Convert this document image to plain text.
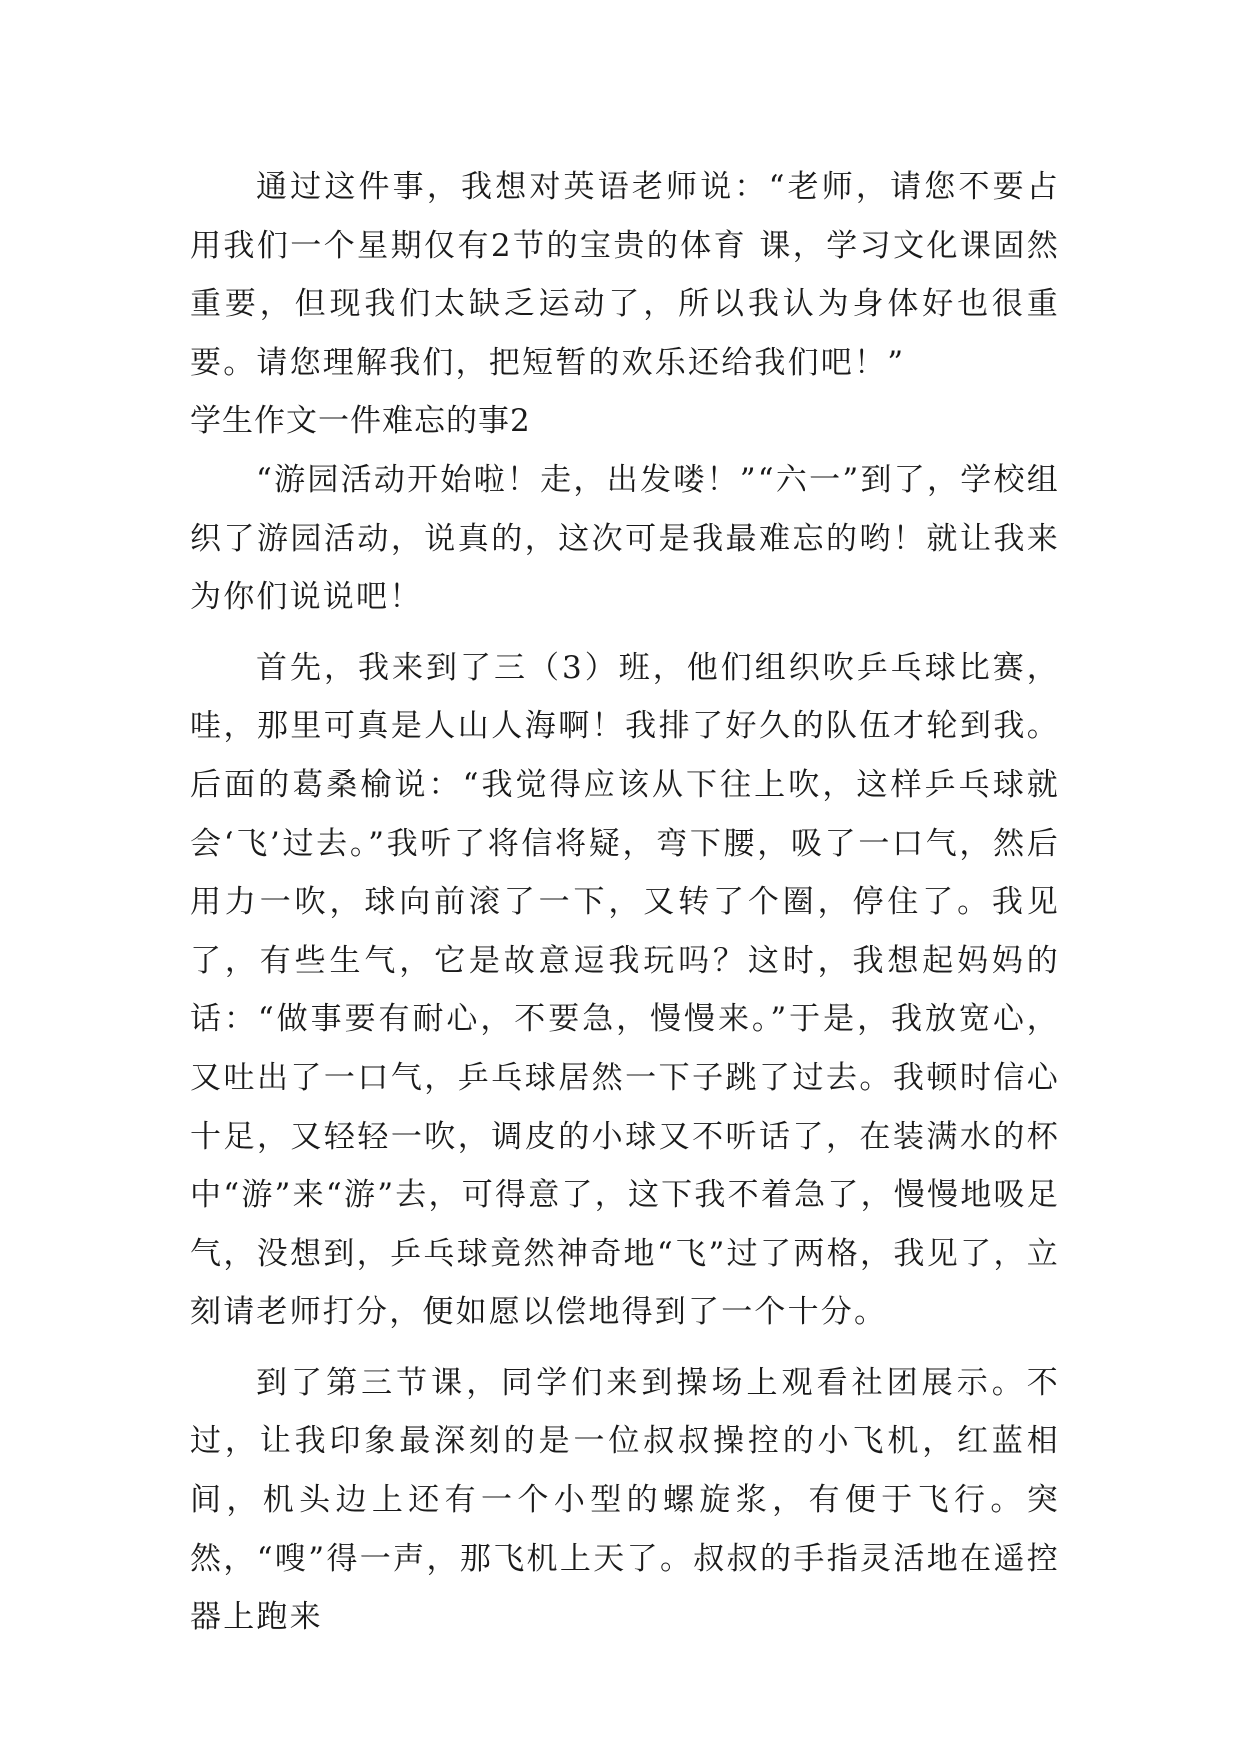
通过这件事，我想对英语老师说：“老师，请您不要占用我们一个星期仅有2节的宝贵的体育 课，学习文化课固然重要，但现我们太缺乏运动了，所以我认为身体好也很重要。请您理解我们，把短暂的欢乐还给我们吧！”

学生作文一件难忘的事2

“游园活动开始啦！走，出发喽！”“六一”到了，学校组织了游园活动，说真的，这次可是我最难忘的哟！就让我来为你们说说吧！

首先，我来到了三（3）班，他们组织吹乒乓球比赛，哇，那里可真是人山人海啊！我排了好久的队伍才轮到我。后面的葛桑榆说：“我觉得应该从下往上吹，这样乒乓球就会‘飞’过去。”我听了将信将疑，弯下腰，吸了一口气，然后用力一吹，球向前滚了一下，又转了个圈，停住了。我见了，有些生气，它是故意逗我玩吗？这时，我想起妈妈的话：“做事要有耐心，不要急，慢慢来。”于是，我放宽心，又吐出了一口气，乒乓球居然一下子跳了过去。我顿时信心十足，又轻轻一吹，调皮的小球又不听话了，在装满水的杯中“游”来“游”去，可得意了，这下我不着急了，慢慢地吸足气，没想到，乒乓球竟然神奇地“飞”过了两格，我见了，立刻请老师打分，便如愿以偿地得到了一个十分。

到了第三节课，同学们来到操场上观看社团展示。不过，让我印象最深刻的是一位叔叔操控的小飞机，红蓝相间，机头边上还有一个小型的螺旋浆，有便于飞行。突然，“嗖”得一声，那飞机上天了。叔叔的手指灵活地在遥控器上跑来
